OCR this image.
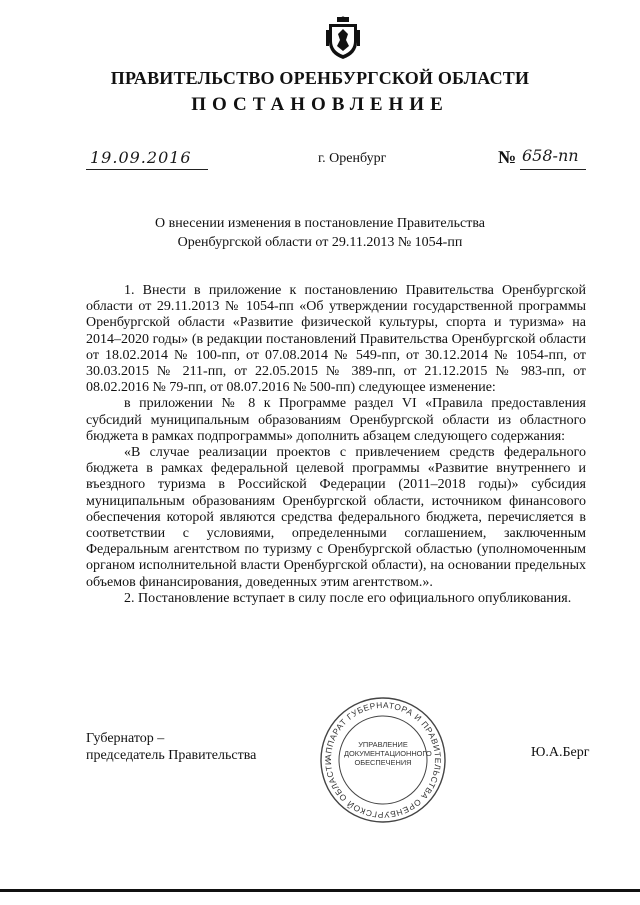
ПРАВИТЕЛЬСТВО ОРЕНБУРГСКОЙ ОБЛАСТИ
ПОСТАНОВЛЕНИЕ
19.09.2016	г. Оренбург	№ 658-пп
О внесении изменения в постановление Правительства
Оренбургской области от 29.11.2013 № 1054-пп

1. Внести в приложение к постановлению Правительства Оренбургской области от 29.11.2013 № 1054-пп «Об утверждении государственной программы Оренбургской области «Развитие физической культуры, спорта и туризма» на 2014–2020 годы» (в редакции постановлений Правительства Оренбургской области от 18.02.2014 № 100-пп, от 07.08.2014 № 549-пп, от 30.12.2014 № 1054-пп, от 30.03.2015 № 211-пп, от 22.05.2015 № 389-пп, от 21.12.2015 № 983-пп, от 08.02.2016 № 79-пп, от 08.07.2016 № 500-пп) следующее изменение:

в приложении № 8 к Программе раздел VI «Правила предоставления субсидий муниципальным образованиям Оренбургской области из областного бюджета в рамках подпрограммы» дополнить абзацем следующего содержания:

«В случае реализации проектов с привлечением средств федерального бюджета в рамках федеральной целевой программы «Развитие внутреннего и въездного туризма в Российской Федерации (2011–2018 годы)» субсидия муниципальным образованиям Оренбургской области, источником финансового обеспечения которой являются средства федерального бюджета, перечисляется в соответствии с условиями, определенными соглашением, заключенным Федеральным агентством по туризму с Оренбургской областью (уполномоченным органом исполнительной власти Оренбургской области), на основании предельных объемов финансирования, доведенных этим агентством.».

2. Постановление вступает в силу после его официального опубликования.

Губернатор –
председатель Правительства	Ю.А.Берг
АППАРАТ ГУБЕРНАТОРА И ПРАВИТЕЛЬСТВА ОРЕНБУРГСКОЙ ОБЛАСТИ
УПРАВЛЕНИЕ
ДОКУМЕНТАЦИОННОГО
ОБЕСПЕЧЕНИЯ
